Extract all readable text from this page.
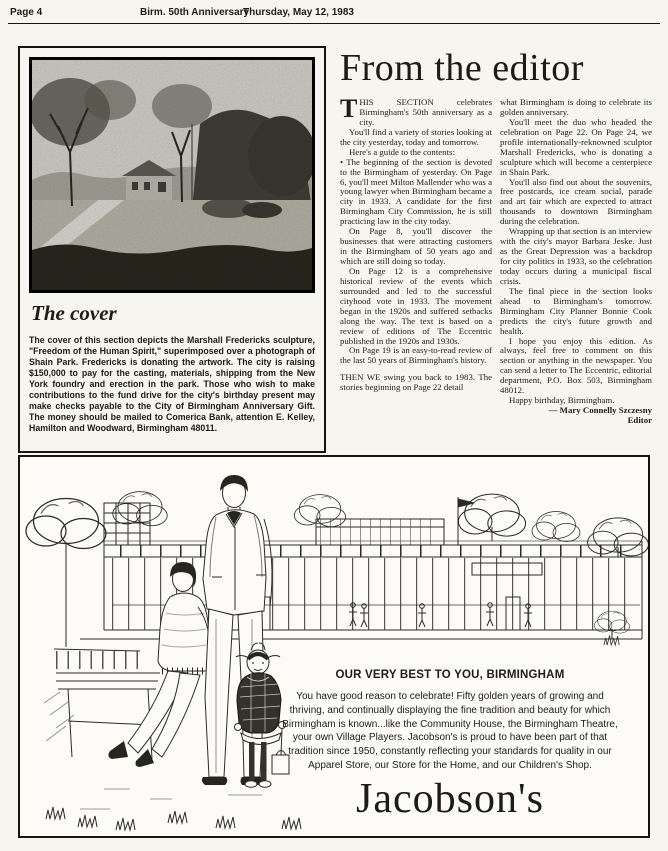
Page 4	Birm. 50th Anniversary
Thursday, May 12, 1983
The cover

The cover of this section depicts the Marshall Fredericks sculpture, "Freedom of the Human Spirit," superimposed over a photograph of Shain Park. Fredericks is donating the artwork. The city is raising $150,000 to pay for the casting, materials, shipping from the New York foundry and erection in the park. Those who wish to make contributions to the fund drive for the city's birthday present may make checks payable to the City of Birmingham Anniversary Gift. The money should be mailed to Comerica Bank, attention E. Kelley, Hamilton and Woodward, Birmingham 48011.

From the editor

THIS SECTION celebrates Birmingham's 50th anniversary as a city.

You'll find a variety of stories looking at the city yesterday, today and tomorrow.

Here's a guide to the contents:

• The beginning of the section is devoted to the Birmingham of yesterday. On Page 6, you'll meet Milton Mallender who was a young lawyer when Birmingham became a city in 1933. A candidate for the first Birmingham City Commission, he is still practicing law in the city today.

On Page 8, you'll discover the businesses that were attracting customers in the Birmingham of 50 years ago and which are still doing so today.

On Page 12 is a comprehensive historical review of the events which surrounded and led to the successful cityhood vote in 1933. The movement began in the 1920s and suffered setbacks along the way. The text is based on a review of editions of The Eccentric published in the 1920s and 1930s.

On Page 19 is an easy-to-read review of the last 50 years of Birmingham's history.

THEN WE swing you back to 1983. The stories beginning on Page 22 detail

what Birmingham is doing to celebrate its golden anniversary.

You'll meet the duo who headed the celebration on Page 22. On Page 24, we profile internationally-reknowned sculptor Marshall Fredericks, who is donating a sculpture which will become a centerpiece in Shain Park.

You'll also find out about the souvenirs, free postcards, ice cream social, parade and art fair which are expected to attract thousands to downtown Birmingham during the celebration.

Wrapping up that section is an interview with the city's mayor Barbara Jeske. Just as the Great Depression was a backdrop for city politics in 1933, so the celebration today occurs during a municipal fiscal crisis.

The final piece in the section looks ahead to Birmingham's tomorrow. Birmingham City Planner Bonnie Cook predicts the city's future growth and health.

I hope you enjoy this edition. As always, feel free to comment on this section or anything in the newspaper. You can send a letter to The Eccentric, editorial department, P.O. Box 503, Birmingham 48012.

Happy birthday, Birmingham.

— Mary Connelly Szczesny

Editor

OUR VERY BEST TO YOU, BIRMINGHAM
You have good reason to celebrate! Fifty golden years of growing and thriving, and continually displaying the fine tradition and beauty for which Birmingham is known...like the Community House, the Birmingham Theatre, your own Village Players. Jacobson's is proud to have been part of that tradition since 1950, constantly reflecting your standards for quality in our Apparel Store, our Store for the Home, and our Children's Shop.
Jacobson's
